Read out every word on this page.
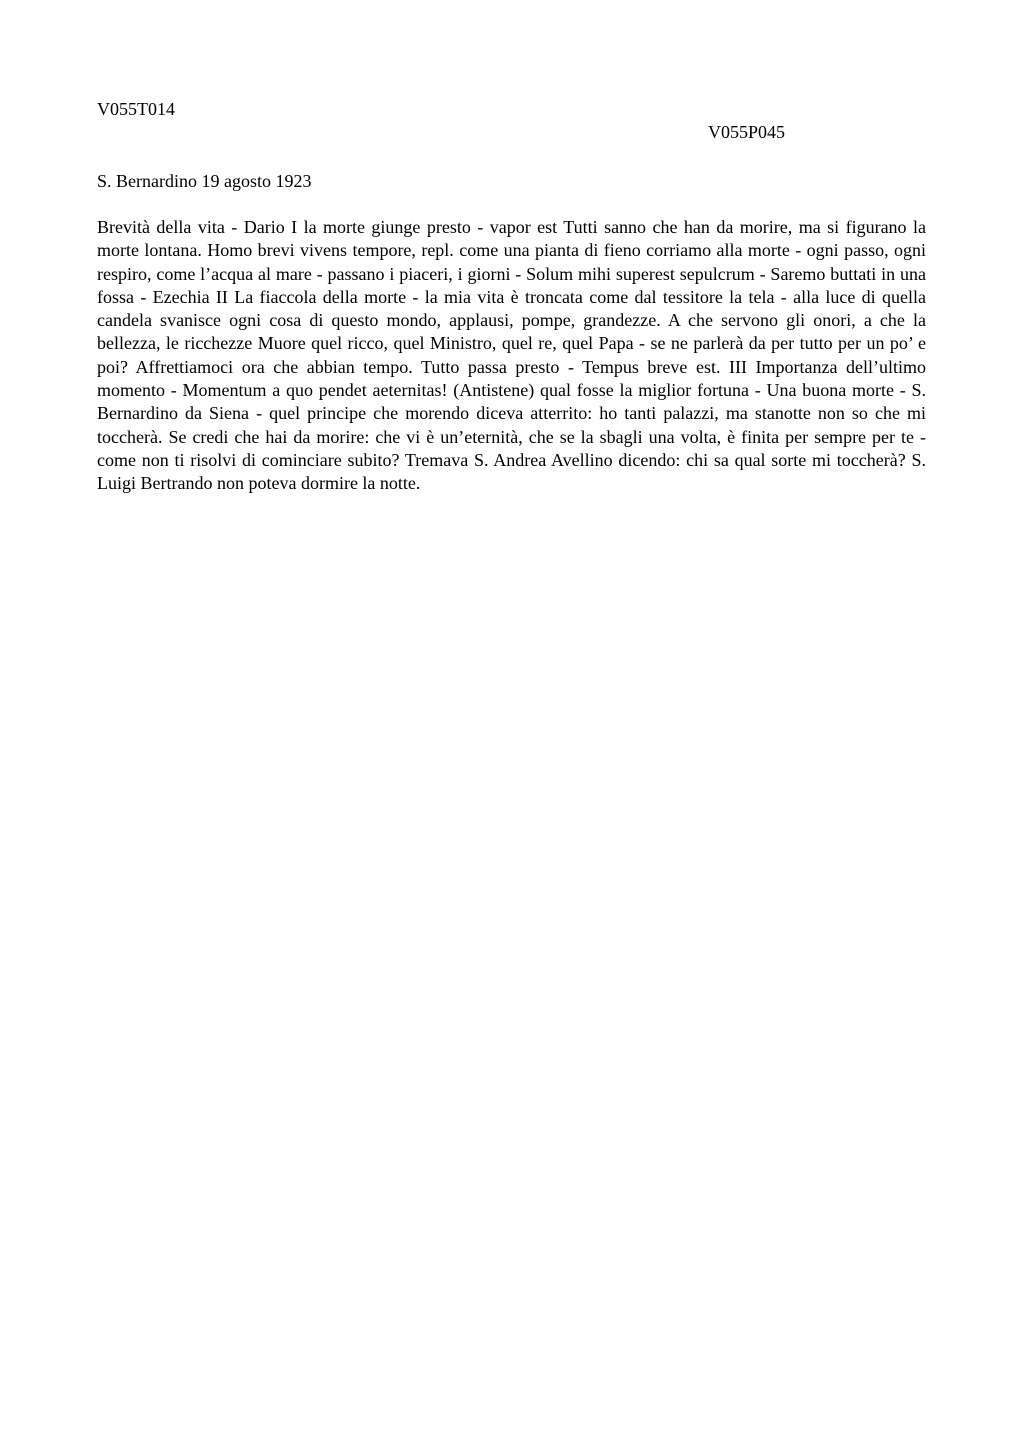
V055T014
V055P045
S. Bernardino 19 agosto 1923

Brevità della vita - Dario I la morte giunge presto - vapor est Tutti sanno che han da morire, ma si figurano la morte lontana. Homo brevi vivens tempore, repl. come una pianta di fieno corriamo alla morte - ogni passo, ogni respiro, come l’acqua al mare - passano i piaceri, i giorni - Solum mihi superest sepulcrum - Saremo buttati in una fossa - Ezechia II La fiaccola della morte - la mia vita è troncata come dal tessitore la tela - alla luce di quella candela svanisce ogni cosa di questo mondo, applausi, pompe, grandezze. A che servono gli onori, a che la bellezza, le ricchezze Muore quel ricco, quel Ministro, quel re, quel Papa - se ne parlerà da per tutto per un po’ e poi? Affrettiamoci ora che abbian tempo. Tutto passa presto - Tempus breve est. III Importanza dell’ultimo momento - Momentum a quo pendet aeternitas! (Antistene) qual fosse la miglior fortuna - Una buona morte - S. Bernardino da Siena - quel principe che morendo diceva atterrito: ho tanti palazzi, ma stanotte non so che mi toccherà. Se credi che hai da morire: che vi è un’eternità, che se la sbagli una volta, è finita per sempre per te - come non ti risolvi di cominciare subito? Tremava S. Andrea Avellino dicendo: chi sa qual sorte mi toccherà? S. Luigi Bertrando non poteva dormire la notte.
